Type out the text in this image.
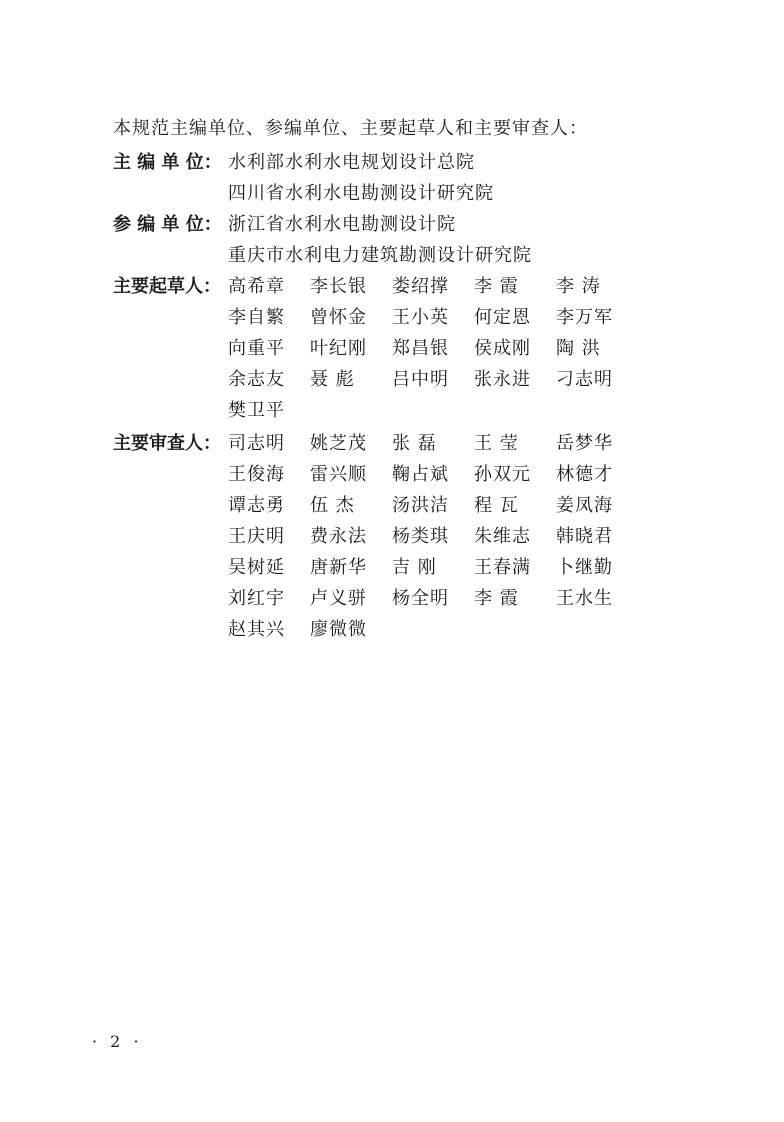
本规范主编单位、参编单位、主要起草人和主要审查人：
主 编 单 位： 水利部水利水电规划设计总院
四川省水利水电勘测设计研究院
参 编 单 位： 浙江省水利水电勘测设计院
重庆市水利电力建筑勘测设计研究院
主要起草人： 高希章	李长银	娄绍撑	李 霞	李 涛
李自繁	曾怀金	王小英	何定恩	李万军
向重平	叶纪刚	郑昌银	侯成刚	陶 洪
余志友	聂 彪	吕中明	张永进	刁志明
樊卫平
主要审查人： 司志明	姚芝茂	张 磊	王 莹	岳梦华
王俊海	雷兴顺	鞠占斌	孙双元	林德才
谭志勇	伍 杰	汤洪洁	程 瓦	姜凤海
王庆明	费永法	杨类琪	朱维志	韩晓君
吴树延	唐新华	吉 刚	王春满	卜继勤
刘红宇	卢义骈	杨全明	李 霞	王水生
赵其兴	廖微微
· 2 ·
